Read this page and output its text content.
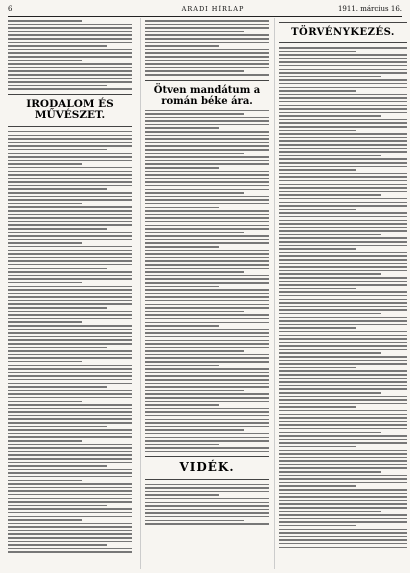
6	ARADI HÍRLAP	1911. március 16.
IRODALOM ÉS MŰVÉSZET.
Ötven mandátum a román béke ára.
VIDÉK.
TÖRVÉNYKEZÉS.
